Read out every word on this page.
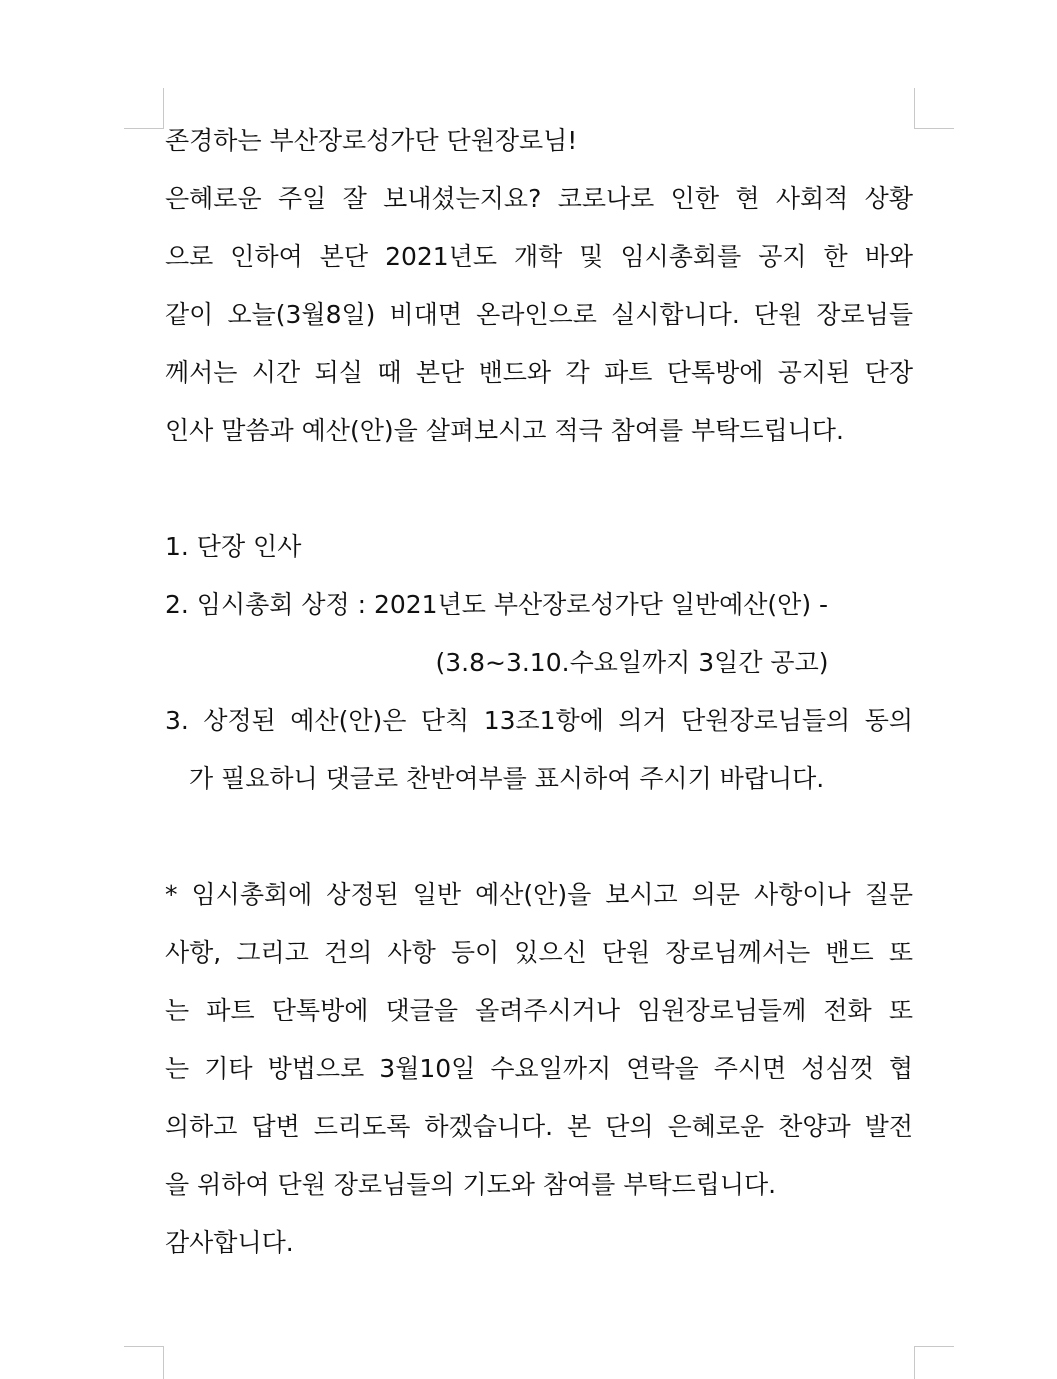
존경하는 부산장로성가단 단원장로님!
은혜로운 주일 잘 보내셨는지요? 코로나로 인한 현 사회적 상황
으로 인하여 본단 2021년도 개학 및 임시총회를 공지 한 바와
같이 오늘(3월8일) 비대면 온라인으로 실시합니다. 단원 장로님들
께서는 시간 되실 때 본단 밴드와 각 파트 단톡방에 공지된 단장
인사 말씀과 예산(안)을 살펴보시고 적극 참여를 부탁드립니다.
1. 단장 인사
2. 임시총회 상정 : 2021년도 부산장로성가단 일반예산(안) -
(3.8~3.10.수요일까지 3일간 공고)
3. 상정된 예산(안)은 단칙 13조1항에 의거 단원장로님들의 동의
가 필요하니 댓글로 찬반여부를 표시하여 주시기 바랍니다.
* 임시총회에 상정된 일반 예산(안)을 보시고 의문 사항이나 질문
사항, 그리고 건의 사항 등이 있으신 단원 장로님께서는 밴드 또
는 파트 단톡방에 댓글을 올려주시거나 임원장로님들께 전화 또
는 기타 방법으로 3월10일 수요일까지 연락을 주시면 성심껏 협
의하고 답변 드리도록 하겠습니다. 본 단의 은혜로운 찬양과 발전
을 위하여 단원 장로님들의 기도와 참여를 부탁드립니다.
감사합니다.
